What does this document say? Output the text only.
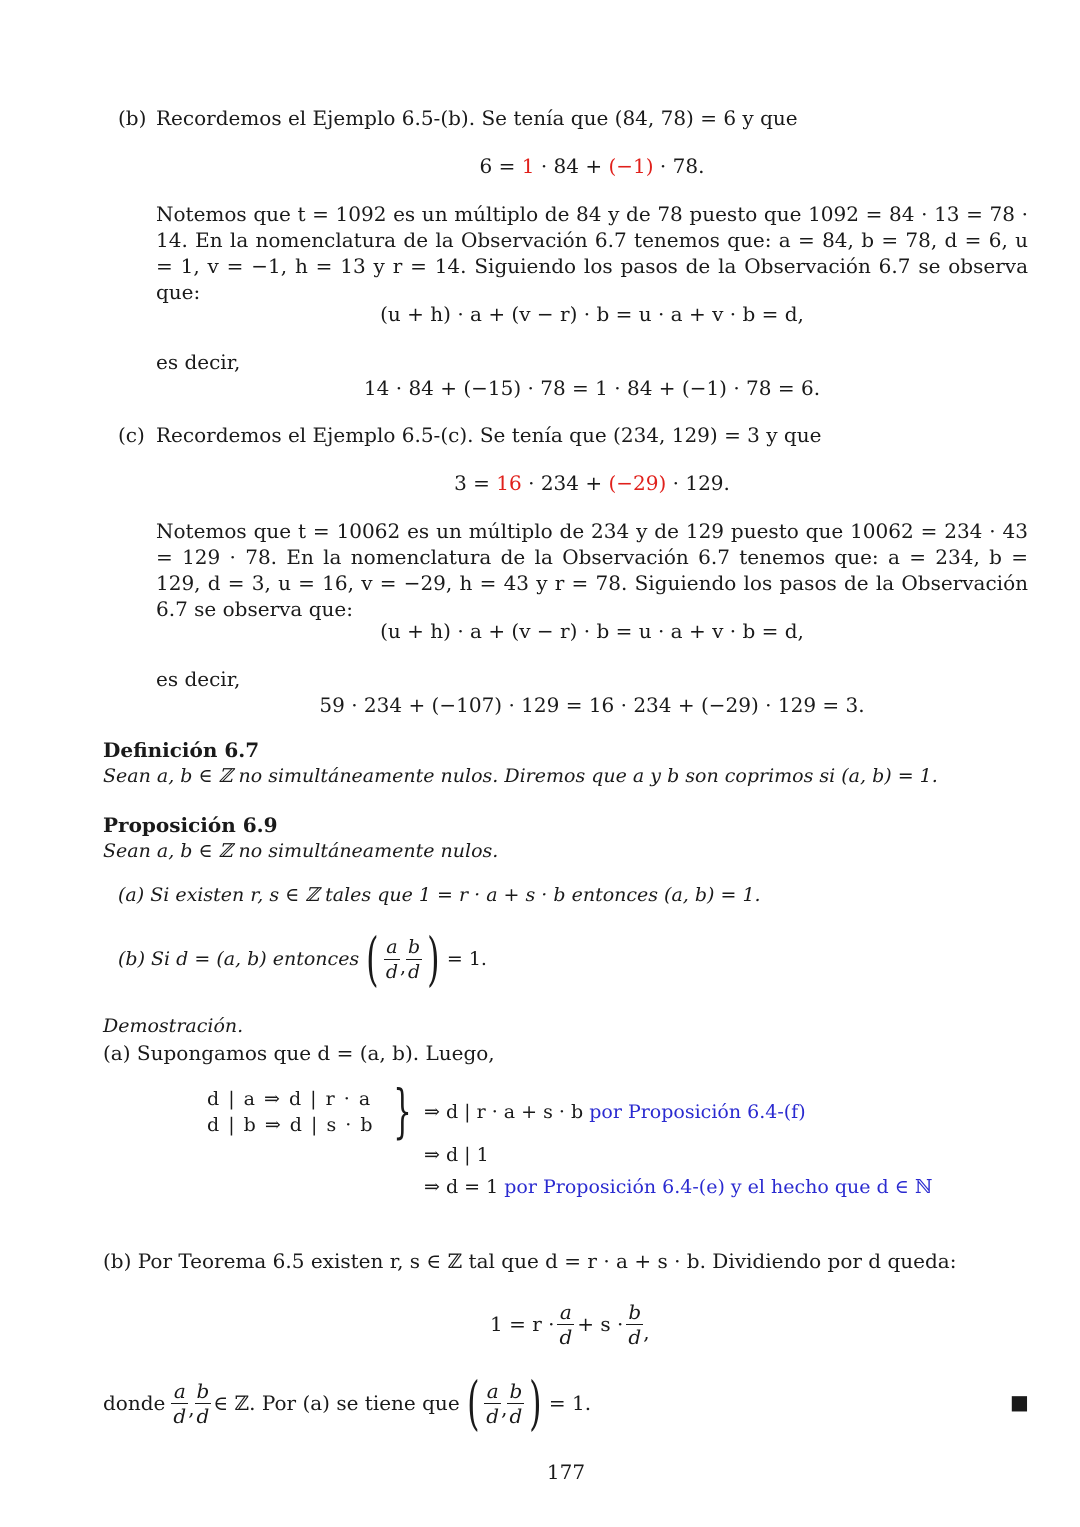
(b) Recordemos el Ejemplo 6.5-(b). Se tenía que (84, 78) = 6 y que
6 = 1 · 84 + (−1) · 78.
Notemos que t = 1092 es un múltiplo de 84 y de 78 puesto que 1092 = 84 · 13 = 78 · 14. En la nomenclatura de la Observación 6.7 tenemos que: a = 84, b = 78, d = 6, u = 1, v = −1, h = 13 y r = 14. Siguiendo los pasos de la Observación 6.7 se observa que:
(u + h) · a + (v − r) · b = u · a + v · b = d,
es decir,
14 · 84 + (−15) · 78 = 1 · 84 + (−1) · 78 = 6.
(c) Recordemos el Ejemplo 6.5-(c). Se tenía que (234, 129) = 3 y que
3 = 16 · 234 + (−29) · 129.
Notemos que t = 10062 es un múltiplo de 234 y de 129 puesto que 10062 = 234 · 43 = 129 · 78. En la nomenclatura de la Observación 6.7 tenemos que: a = 234, b = 129, d = 3, u = 16, v = −29, h = 43 y r = 78. Siguiendo los pasos de la Observación 6.7 se observa que:
(u + h) · a + (v − r) · b = u · a + v · b = d,
es decir,
59 · 234 + (−107) · 129 = 16 · 234 + (−29) · 129 = 3.
Definición 6.7
Sean a, b ∈ ℤ no simultáneamente nulos. Diremos que a y b son coprimos si (a, b) = 1.
Proposición 6.9
Sean a, b ∈ ℤ no simultáneamente nulos.
(a) Si existen r, s ∈ ℤ tales que 1 = r · a + s · b entonces (a, b) = 1.
(b) Si d = (a, b) entonces ( $\frac{a}{d}$ , $\frac{b}{d}$ ) = 1.
Demostración.
(a) Supongamos que d = (a, b). Luego,
d | a ⇒ d | r · a
d | b ⇒ d | s · b } ⇒ d | r · a + s · b por Proposición 6.4-(f)
⇒ d | 1
⇒ d = 1 por Proposición 6.4-(e) y el hecho que d ∈ ℕ
(b) Por Teorema 6.5 existen r, s ∈ ℤ tal que d = r · a + s · b. Dividiendo por d queda:
$1 = r \cdot \frac{a}{d} + s \cdot \frac{b}{d}$ ,
donde $\frac{a}{d}$ , $\frac{b}{d}$ ∈ ℤ. Por (a) se tiene que ( $\frac{a}{d}$ , $\frac{b}{d}$ ) = 1.	■
177
